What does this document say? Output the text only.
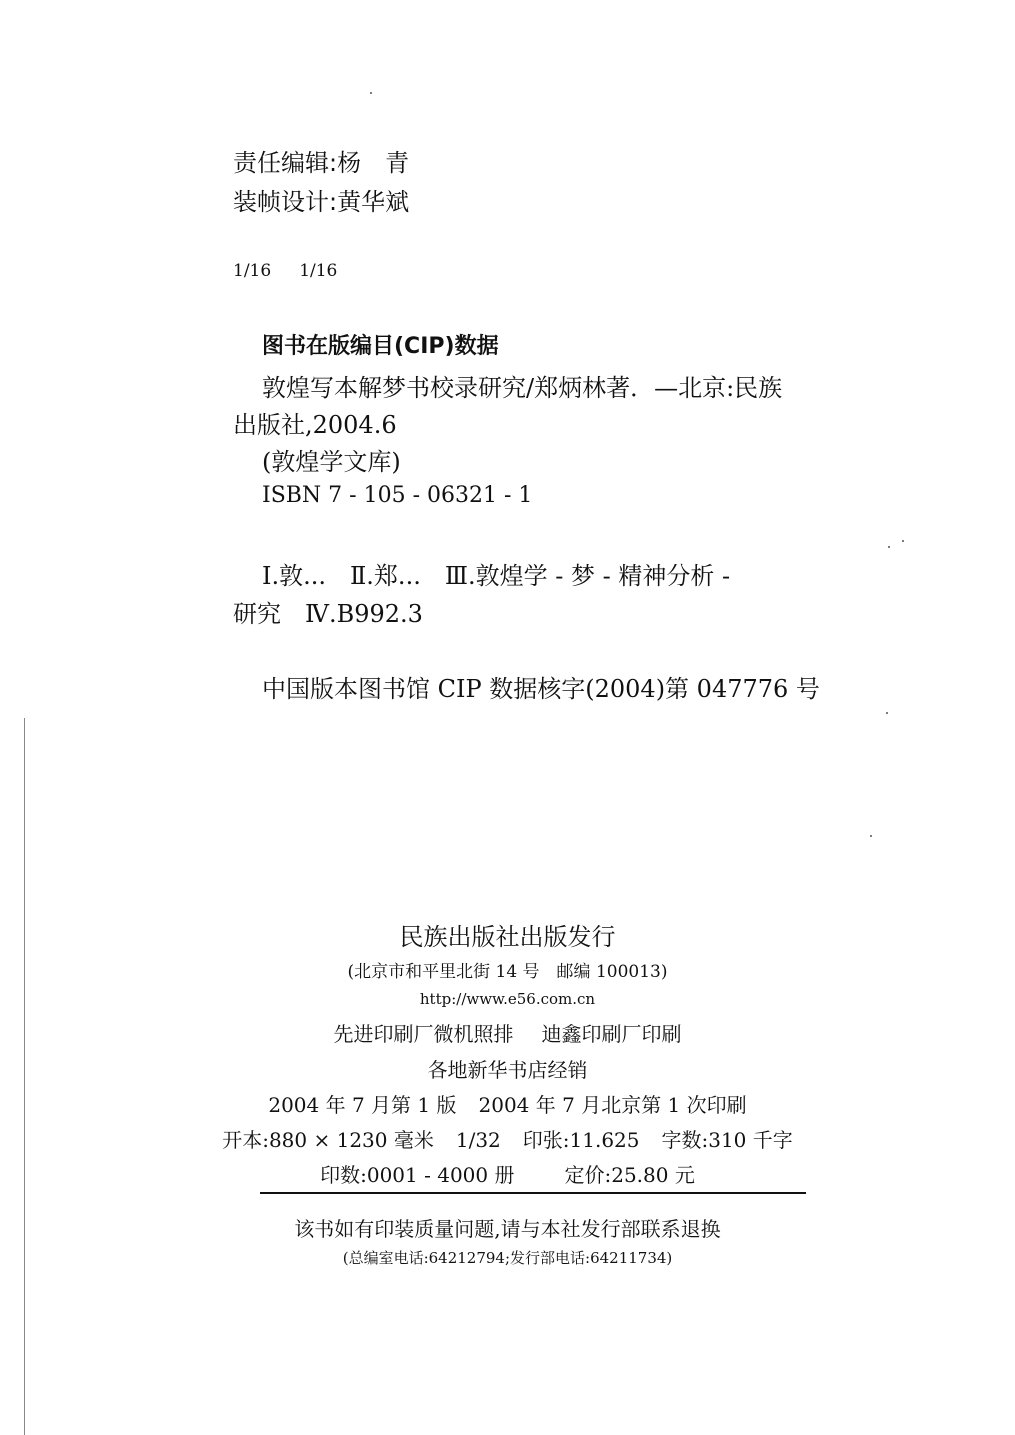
责任编辑:杨　青
装帧设计:黄华斌
1/16 1/16
图书在版编目(CIP)数据
敦煌写本解梦书校录研究/郑炳林著．—北京:民族
出版社,2004.6
(敦煌学文库)
ISBN 7 - 105 - 06321 - 1
Ⅰ.敦...　Ⅱ.郑...　Ⅲ.敦煌学 - 梦 - 精神分析 -
研究　Ⅳ.B992.3
中国版本图书馆 CIP 数据核字(2004)第 047776 号
民族出版社出版发行
(北京市和平里北街 14 号　邮编 100013)
http://www.e56.com.cn
先进印刷厂微机照排 迪鑫印刷厂印刷
各地新华书店经销
2004 年 7 月第 1 版 2004 年 7 月北京第 1 次印刷
开本:880 × 1230 毫米 1/32 印张:11.625 字数:310 千字
印数:0001 - 4000 册	定价:25.80 元
该书如有印装质量问题,请与本社发行部联系退换
(总编室电话:64212794;发行部电话:64211734)
